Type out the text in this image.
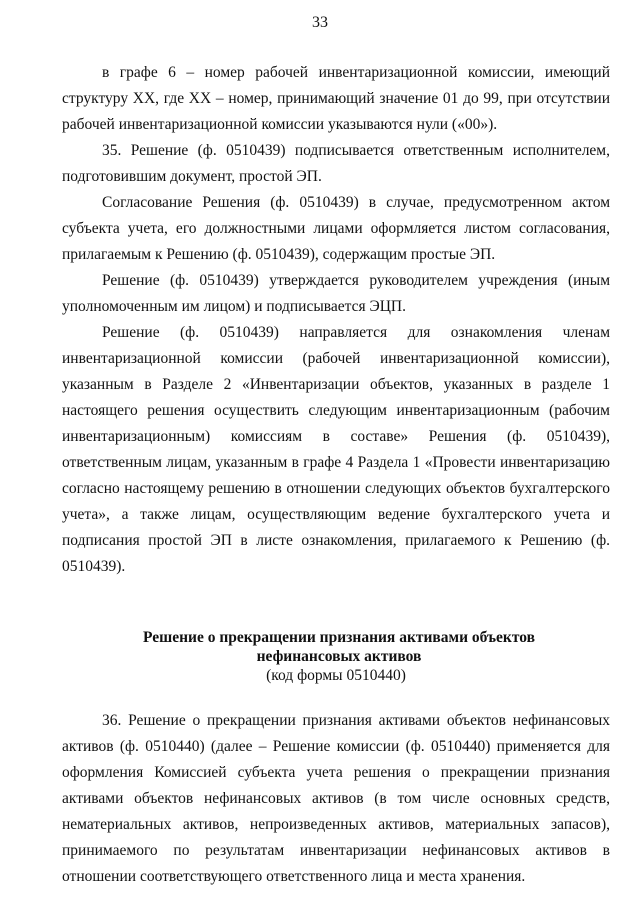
33

в графе 6 – номер рабочей инвентаризационной комиссии, имеющий структуру ХХ, где ХХ – номер, принимающий значение 01 до 99, при отсутствии рабочей инвентаризационной комиссии указываются нули («00»).

35. Решение (ф. 0510439) подписывается ответственным исполнителем, подготовившим документ, простой ЭП.

Согласование Решения (ф. 0510439) в случае, предусмотренном актом субъекта учета, его должностными лицами оформляется листом согласования, прилагаемым к Решению (ф. 0510439), содержащим простые ЭП.

Решение (ф. 0510439) утверждается руководителем учреждения (иным уполномоченным им лицом) и подписывается ЭЦП.

Решение (ф. 0510439) направляется для ознакомления членам инвентаризационной комиссии (рабочей инвентаризационной комиссии), указанным в Разделе 2 «Инвентаризации объектов, указанных в разделе 1 настоящего решения осуществить следующим инвентаризационным (рабочим инвентаризационным) комиссиям в составе» Решения (ф. 0510439), ответственным лицам, указанным в графе 4 Раздела 1 «Провести инвентаризацию согласно настоящему решению в отношении следующих объектов бухгалтерского учета», а также лицам, осуществляющим ведение бухгалтерского учета и подписания простой ЭП в листе ознакомления, прилагаемого к Решению (ф. 0510439).

Решение о прекращении признания активами объектов нефинансовых активов
(код формы 0510440)

36. Решение о прекращении признания активами объектов нефинансовых активов (ф. 0510440) (далее – Решение комиссии (ф. 0510440) применяется для оформления Комиссией субъекта учета решения о прекращении признания активами объектов нефинансовых активов (в том числе основных средств, нематериальных активов, непроизведенных активов, материальных запасов), принимаемого по результатам инвентаризации нефинансовых активов в отношении соответствующего ответственного лица и места хранения.
